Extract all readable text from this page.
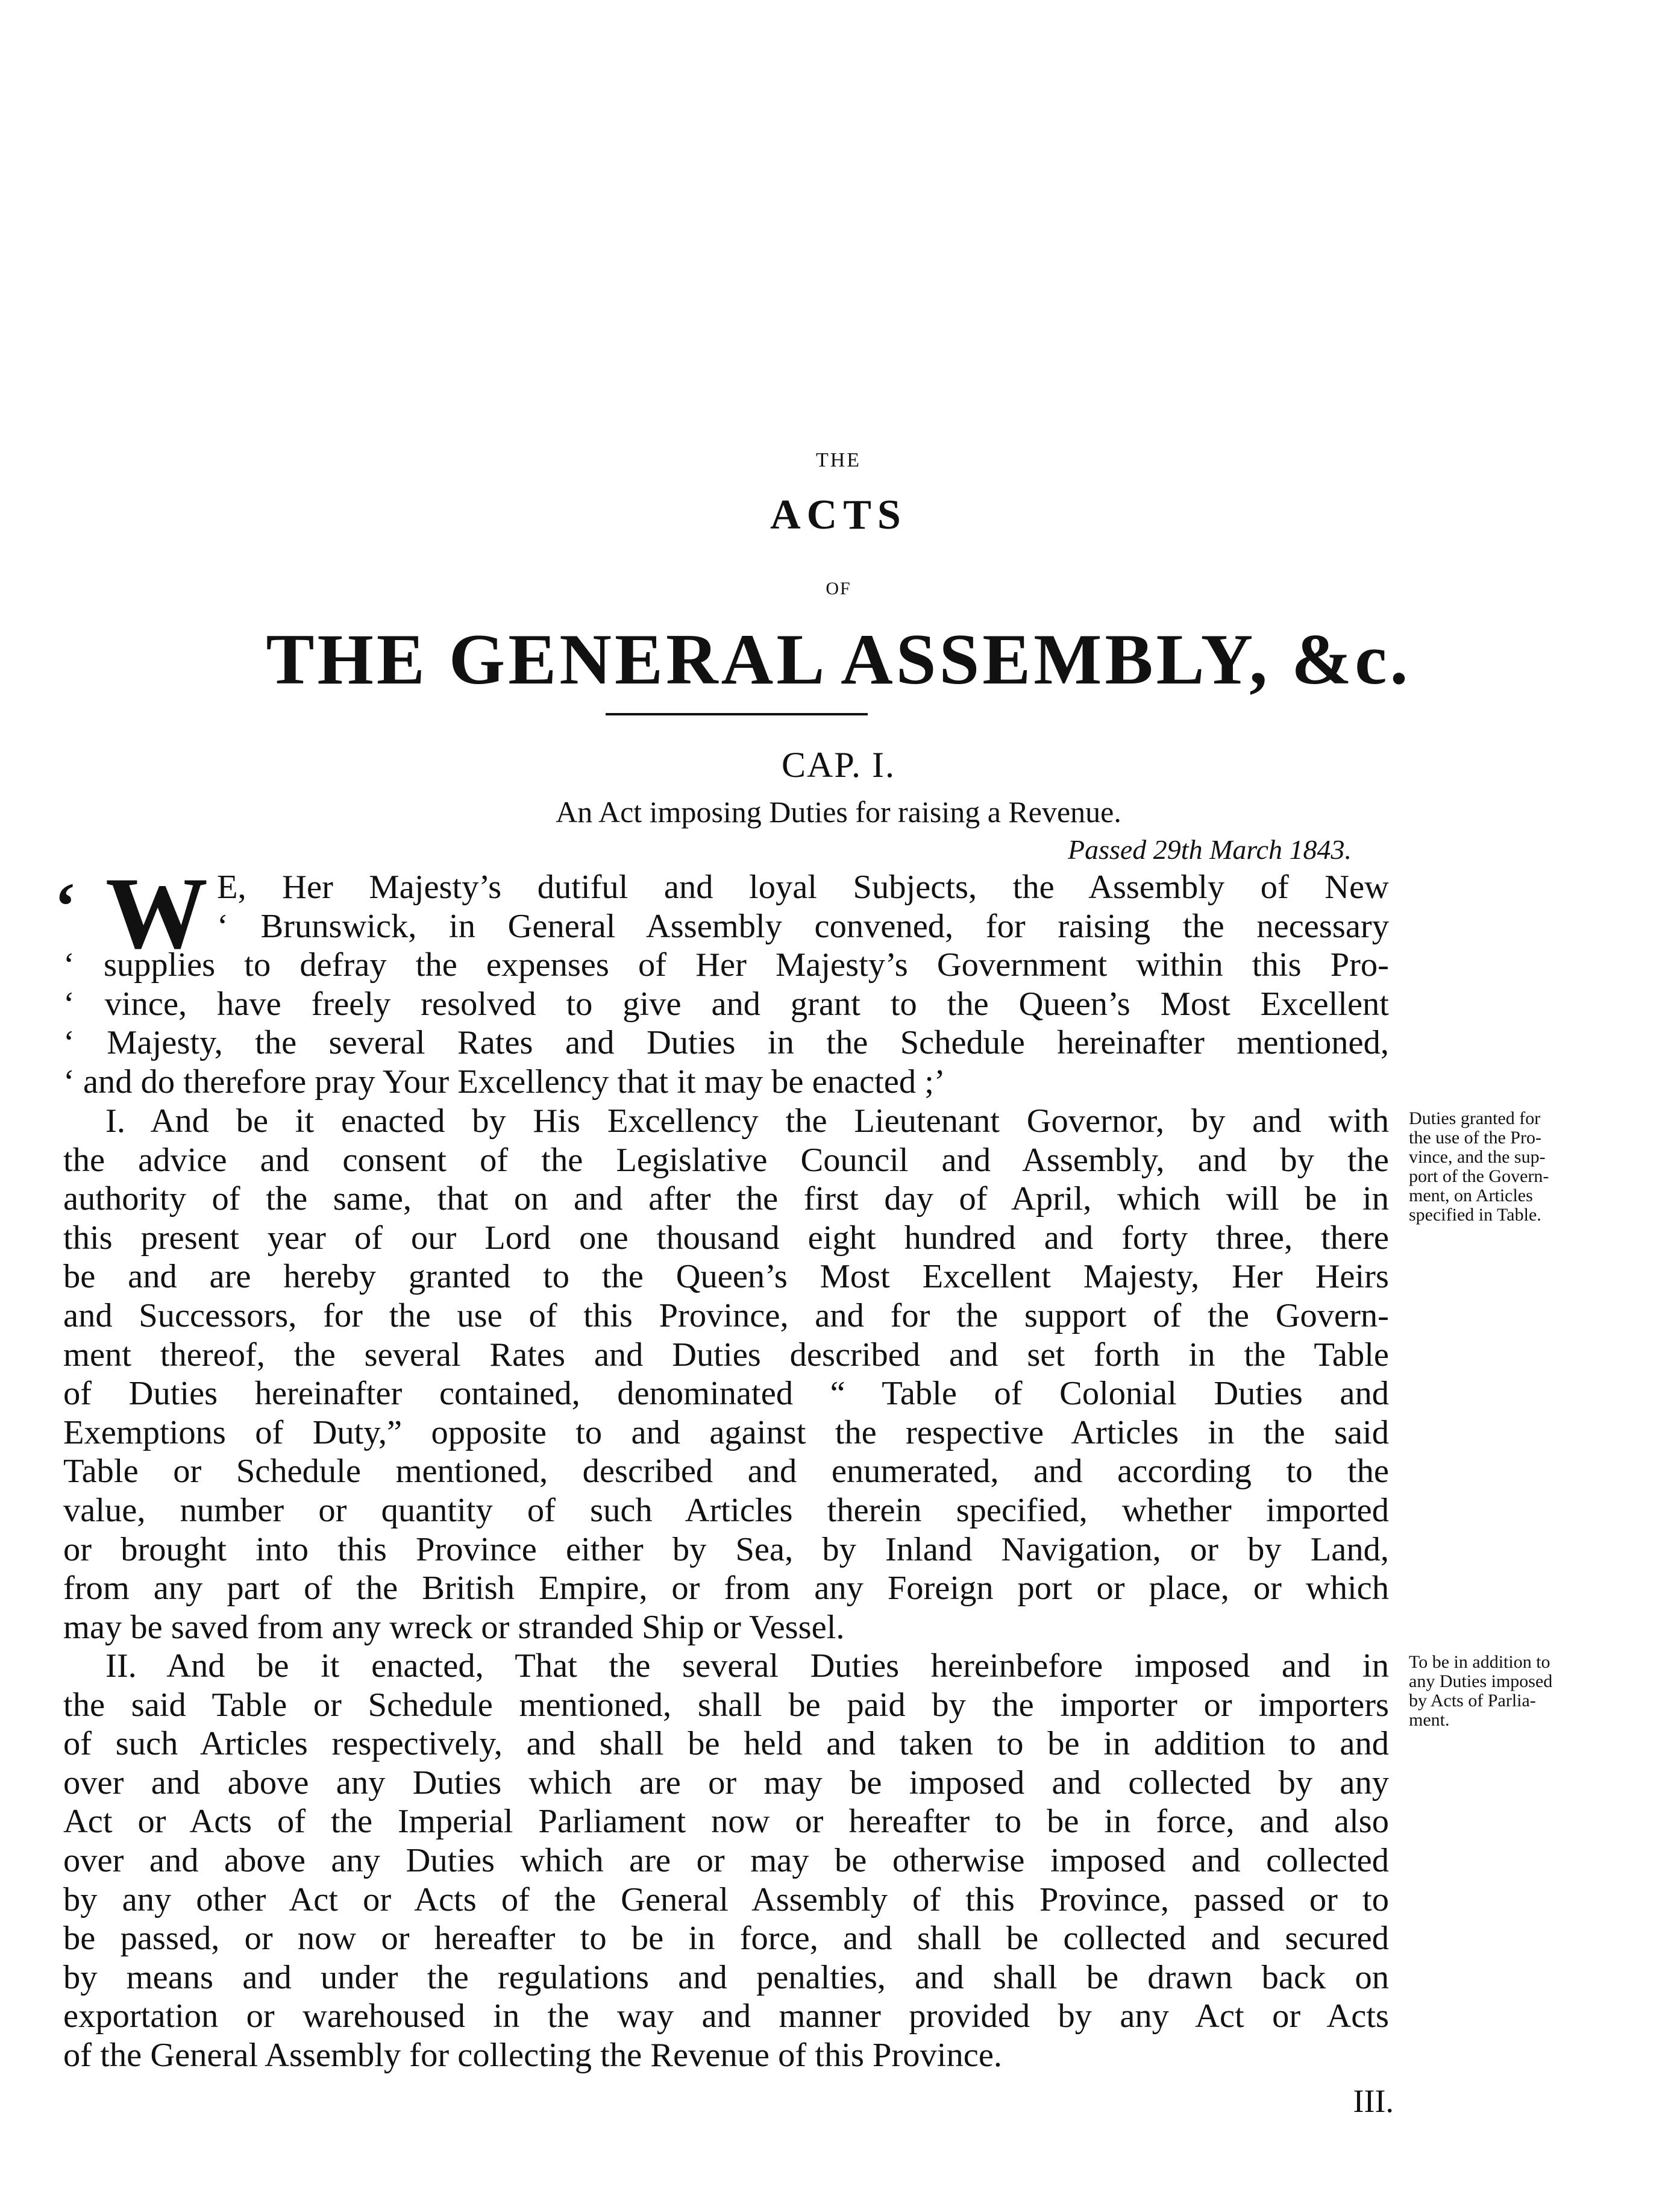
THE
ACTS
OF
THE GENERAL ASSEMBLY, &c.
CAP. I.
An Act imposing Duties for raising a Revenue.
Passed 29th March 1843.
‘ W E, Her Majesty’s dutiful and loyal Subjects, the Assembly of New
‘ Brunswick, in General Assembly convened, for raising the necessary
‘ supplies to defray the expenses of Her Majesty’s Government within this Pro-
‘ vince, have freely resolved to give and grant to the Queen’s Most Excellent
‘ Majesty, the several Rates and Duties in the Schedule hereinafter mentioned,
‘ and do therefore pray Your Excellency that it may be enacted ;’
I. And be it enacted by His Excellency the Lieutenant Governor, by and with
the advice and consent of the Legislative Council and Assembly, and by the
authority of the same, that on and after the first day of April, which will be in
this present year of our Lord one thousand eight hundred and forty three, there
be and are hereby granted to the Queen’s Most Excellent Majesty, Her Heirs
and Successors, for the use of this Province, and for the support of the Govern-
ment thereof, the several Rates and Duties described and set forth in the Table
of Duties hereinafter contained, denominated “ Table of Colonial Duties and
Exemptions of Duty,” opposite to and against the respective Articles in the said
Table or Schedule mentioned, described and enumerated, and according to the
value, number or quantity of such Articles therein specified, whether imported
or brought into this Province either by Sea, by Inland Navigation, or by Land,
from any part of the British Empire, or from any Foreign port or place, or which
may be saved from any wreck or stranded Ship or Vessel.
Duties granted for
the use of the Pro-
vince, and the sup-
port of the Govern-
ment, on Articles
specified in Table.
II. And be it enacted, That the several Duties hereinbefore imposed and in
the said Table or Schedule mentioned, shall be paid by the importer or importers
of such Articles respectively, and shall be held and taken to be in addition to and
over and above any Duties which are or may be imposed and collected by any
Act or Acts of the Imperial Parliament now or hereafter to be in force, and also
over and above any Duties which are or may be otherwise imposed and collected
by any other Act or Acts of the General Assembly of this Province, passed or to
be passed, or now or hereafter to be in force, and shall be collected and secured
by means and under the regulations and penalties, and shall be drawn back on
exportation or warehoused in the way and manner provided by any Act or Acts
of the General Assembly for collecting the Revenue of this Province.
To be in addition to
any Duties imposed
by Acts of Parlia-
ment.
III.
